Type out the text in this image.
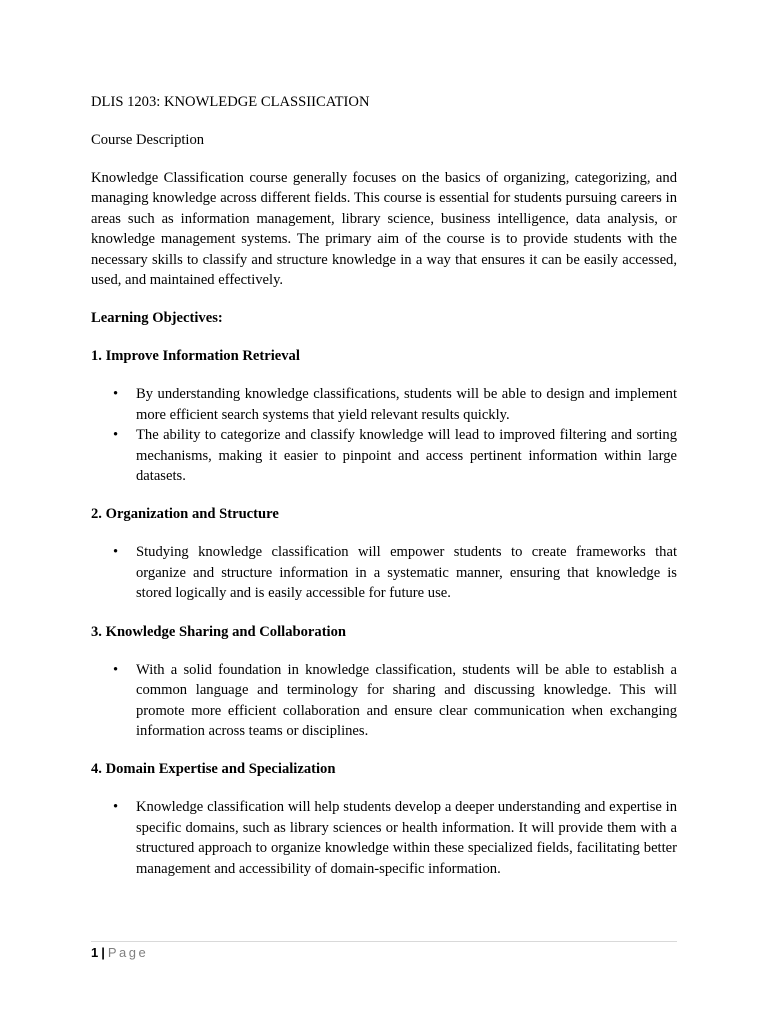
DLIS 1203: KNOWLEDGE CLASSIICATION

Course Description

Knowledge Classification course generally focuses on the basics of organizing, categorizing, and managing knowledge across different fields. This course is essential for students pursuing careers in areas such as information management, library science, business intelligence, data analysis, or knowledge management systems. The primary aim of the course is to provide students with the necessary skills to classify and structure knowledge in a way that ensures it can be easily accessed, used, and maintained effectively.

Learning Objectives:

1. Improve Information Retrieval

• By understanding knowledge classifications, students will be able to design and implement more efficient search systems that yield relevant results quickly.
• The ability to categorize and classify knowledge will lead to improved filtering and sorting mechanisms, making it easier to pinpoint and access pertinent information within large datasets.

2. Organization and Structure

• Studying knowledge classification will empower students to create frameworks that organize and structure information in a systematic manner, ensuring that knowledge is stored logically and is easily accessible for future use.

3. Knowledge Sharing and Collaboration

• With a solid foundation in knowledge classification, students will be able to establish a common language and terminology for sharing and discussing knowledge. This will promote more efficient collaboration and ensure clear communication when exchanging information across teams or disciplines.

4. Domain Expertise and Specialization

• Knowledge classification will help students develop a deeper understanding and expertise in specific domains, such as library sciences or health information. It will provide them with a structured approach to organize knowledge within these specialized fields, facilitating better management and accessibility of domain-specific information.
1 | Page
